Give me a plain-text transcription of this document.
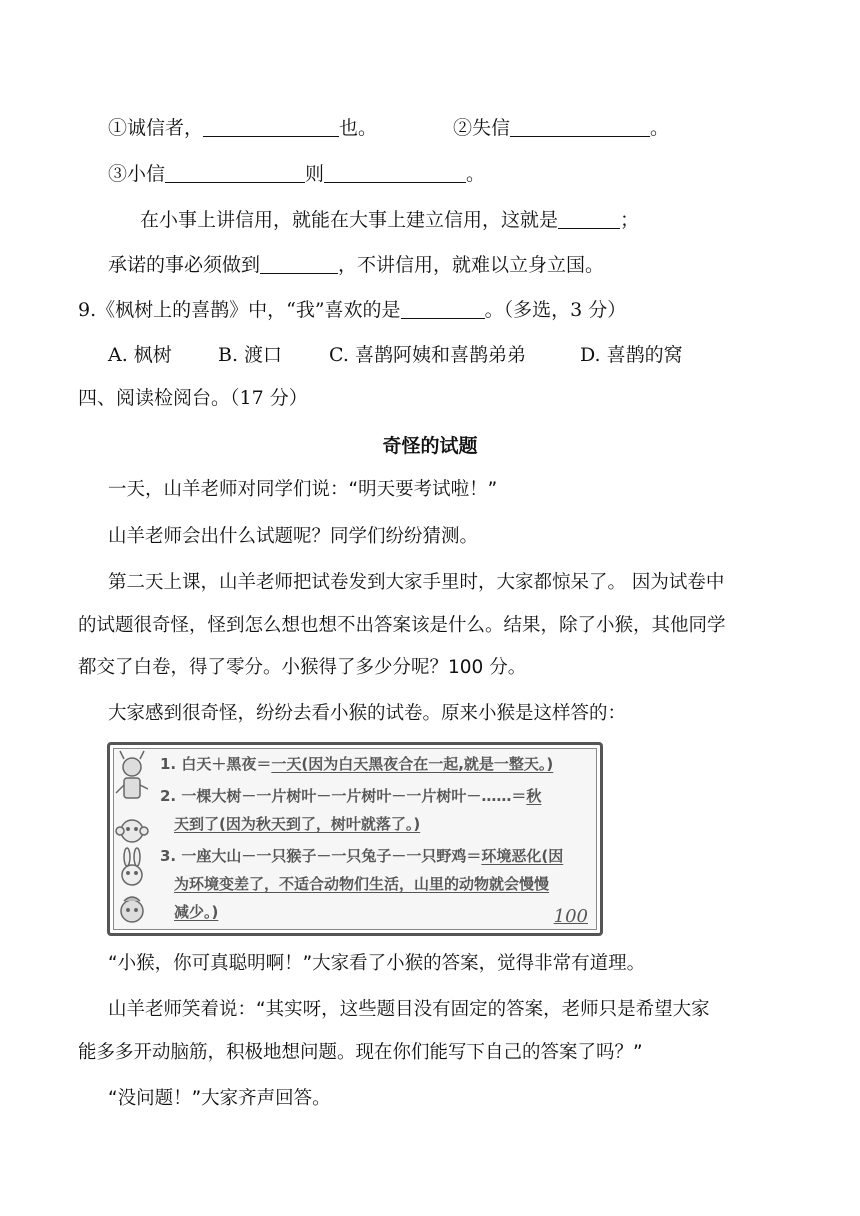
①诚信者，	也。	②失信	。
③小信	则	。
在小事上讲信用，就能在大事上建立信用，这就是	；
承诺的事必须做到	，不讲信用，就难以立身立国。
9.《枫树上的喜鹊》中，“我”喜欢的是	。（多选，3 分）
A. 枫树 B. 渡口 C. 喜鹊阿姨和喜鹊弟弟	D. 喜鹊的窝
四、阅读检阅台。（17 分）
奇怪的试题
一天，山羊老师对同学们说：“明天要考试啦！”
山羊老师会出什么试题呢？同学们纷纷猜测。
第二天上课，山羊老师把试卷发到大家手里时，大家都惊呆了。 因为试卷中
的试题很奇怪，怪到怎么想也想不出答案该是什么。结果，除了小猴，其他同学
都交了白卷，得了零分。小猴得了多少分呢？100 分。
大家感到很奇怪，纷纷去看小猴的试卷。原来小猴是这样答的：
1. 白天＋黑夜＝一天(因为白天黑夜合在一起,就是一整天。)
2. 一棵大树－一片树叶－一片树叶－一片树叶－……＝秋
天到了(因为秋天到了，树叶就落了。)
3. 一座大山－一只猴子－一只兔子－一只野鸡＝环境恶化(因
为环境变差了，不适合动物们生活，山里的动物就会慢慢
减少。)	100
“小猴，你可真聪明啊！”大家看了小猴的答案，觉得非常有道理。
山羊老师笑着说：“其实呀，这些题目没有固定的答案，老师只是希望大家
能多多开动脑筋，积极地想问题。现在你们能写下自己的答案了吗？”
“没问题！”大家齐声回答。
